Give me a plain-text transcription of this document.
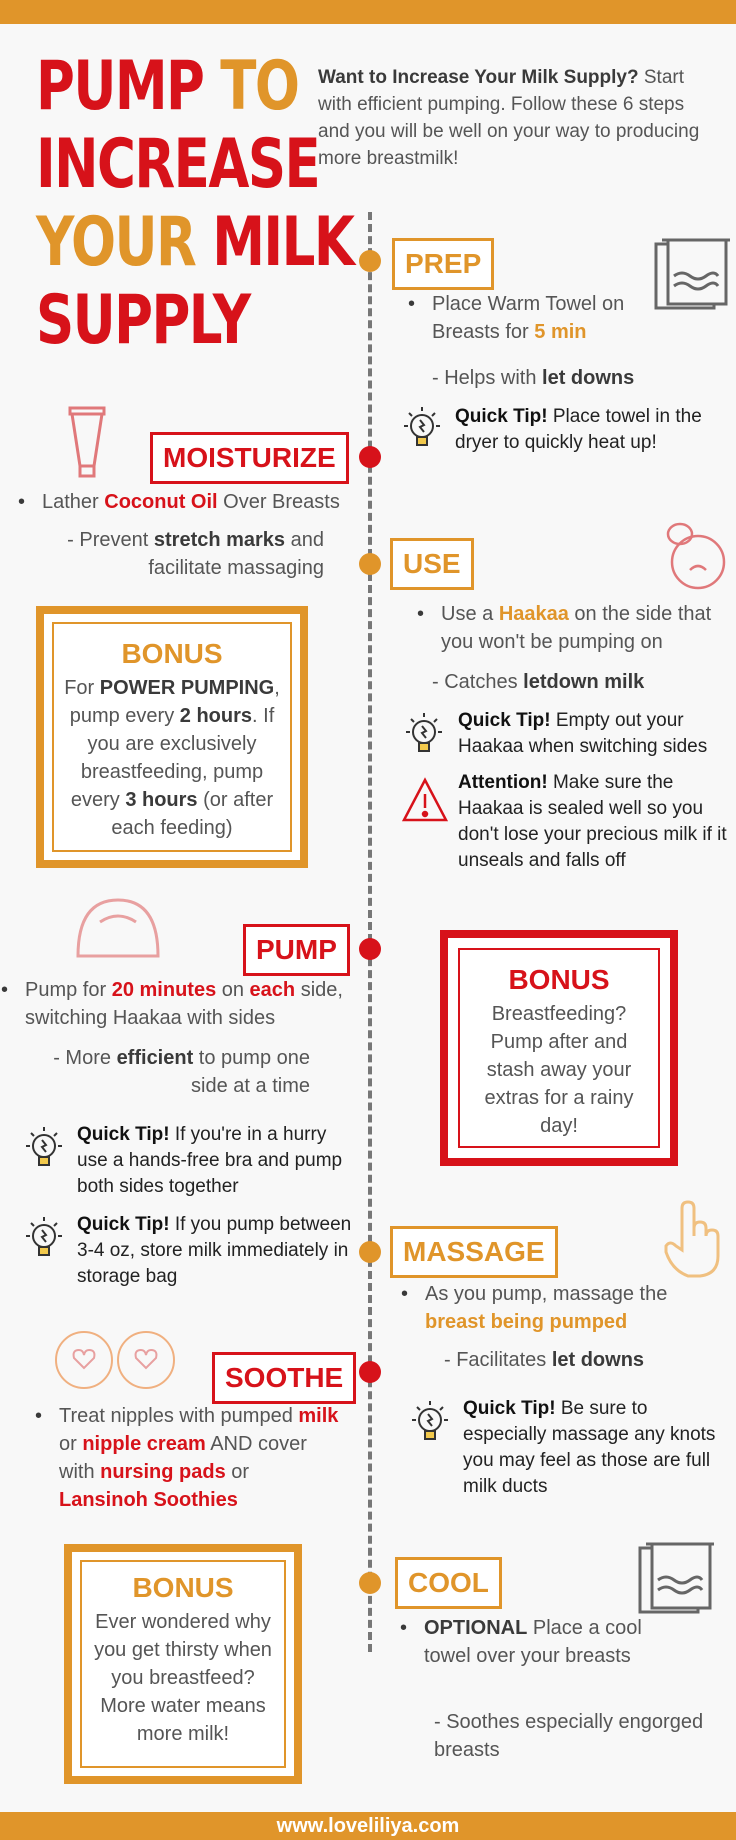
PUMP TO
INCREASE
YOUR MILK
SUPPLY
Want to Increase Your Milk Supply? Start with efficient pumping. Follow these 6 steps and you will be well on your way to producing more breastmilk!
PREP
• Place Warm Towel on Breasts for 5 min
- Helps with let downs
Quick Tip! Place towel in the dryer to quickly heat up!
MOISTURIZE
• Lather Coconut Oil Over Breasts
- Prevent stretch marks and facilitate massaging	USE
• Use a Haakaa on the side that you won't be pumping on
- Catches letdown milk
Quick Tip! Empty out your Haakaa when switching sides
Attention! Make sure the Haakaa is sealed well so you don't lose your precious milk if it unseals and falls off
BONUS
For POWER PUMPING, pump every 2 hours. If you are exclusively breastfeeding, pump every 3 hours (or after each feeding)
PUMP
• Pump for 20 minutes on each side, switching Haakaa with sides
- More efficient to pump one side at a time
Quick Tip! If you're in a hurry use a hands-free bra and pump both sides together
Quick Tip! If you pump between 3-4 oz, store milk immediately in storage bag
BONUS
Breastfeeding? Pump after and stash away your extras for a rainy day!
MASSAGE
• As you pump, massage the breast being pumped
- Facilitates let downs
Quick Tip! Be sure to especially massage any knots you may feel as those are full milk ducts
SOOTHE
• Treat nipples with pumped milk or nipple cream AND cover with nursing pads or Lansinoh Soothies
BONUS
Ever wondered why you get thirsty when you breastfeed? More water means more milk!
COOL
• OPTIONAL Place a cool towel over your breasts
- Soothes especially engorged breasts
www.loveliliya.com
